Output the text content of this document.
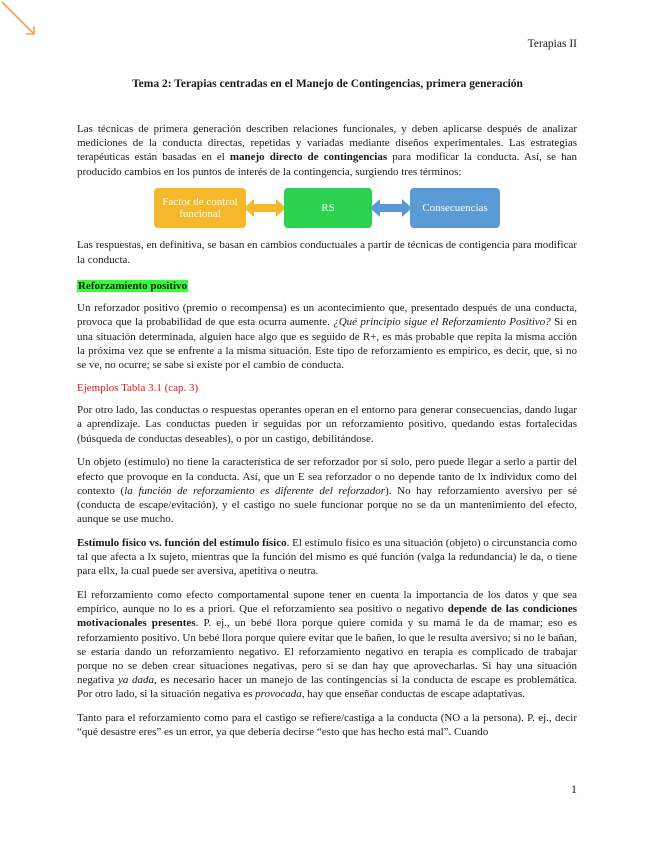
Terapias II
Tema 2: Terapias centradas en el Manejo de Contingencias, primera generación

Las técnicas de primera generación describen relaciones funcionales, y deben aplicarse después de analizar mediciones de la conducta directas, repetidas y variadas mediante diseños experimentales. Las estrategias terapéuticas están basadas en el manejo directo de contingencias para modificar la conducta. Así, se han producido cambios en los puntos de interés de la contingencia, surgiendo tres términos:

Factor de control funcional	RS	Consecuencias

Las respuestas, en definitiva, se basan en cambios conductuales a partir de técnicas de contigencia para modificar la conducta.

Reforzamiento positivo

Un reforzador positivo (premio o recompensa) es un acontecimiento que, presentado después de una conducta, provoca que la probabilidad de que esta ocurra aumente. ¿Qué principio sigue el Reforzamiento Positivo? Si en una situación determinada, alguien hace algo que es seguido de R+, es más probable que repita la misma acción la próxima vez que se enfrente a la misma situación. Este tipo de reforzamiento es empírico, es decir, que, si no se ve, no ocurre; se sabe si existe por el cambio de conducta.

Ejemplos Tabla 3.1 (cap. 3)

Por otro lado, las conductas o respuestas operantes operan en el entorno para generar consecuencias, dando lugar a aprendizaje. Las conductas pueden ir seguidas por un reforzamiento positivo, quedando estas fortalecidas (búsqueda de conductas deseables), o por un castigo, debilitándose.

Un objeto (estímulo) no tiene la característica de ser reforzador por sí solo, pero puede llegar a serlo a partir del efecto que provoque en la conducta. Así, que un E sea reforzador o no depende tanto de lx individux como del contexto (la función de reforzamiento es diferente del reforzador). No hay reforzamiento aversivo per sé (conducta de escape/evitación), y el castigo no suele funcionar porque no se da un mantenimiento del efecto, aunque se use mucho.

Estímulo físico vs. función del estímulo físico. El estímulo físico es una situación (objeto) o circunstancia como tal que afecta a lx sujeto, mientras que la función del mismo es qué función (valga la redundancia) le da, o tiene para ellx, la cual puede ser aversiva, apetitiva o neutra.

El reforzamiento como efecto comportamental supone tener en cuenta la importancia de los datos y que sea empírico, aunque no lo es a priori. Que el reforzamiento sea positivo o negativo depende de las condiciones motivacionales presentes. P. ej., un bebé llora porque quiere comida y su mamá le da de mamar; eso es reforzamiento positivo. Un bebé llora porque quiere evitar que le bañen, lo que le resulta aversivo; si no le bañan, se estaría dando un reforzamiento negativo. El reforzamiento negativo en terapia es complicado de trabajar porque no se deben crear situaciones negativas, pero si se dan hay que aprovecharlas. Si hay una situación negativa ya dada, es necesario hacer un manejo de las contingencias si la conducta de escape es problemática. Por otro lado, si la situación negativa es provocada, hay que enseñar conductas de escape adaptativas.

Tanto para el reforzamiento como para el castigo se refiere/castiga a la conducta (NO a la persona). P. ej., decir “qué desastre eres” es un error, ya que debería decirse “esto que has hecho está mal”. Cuando

1
